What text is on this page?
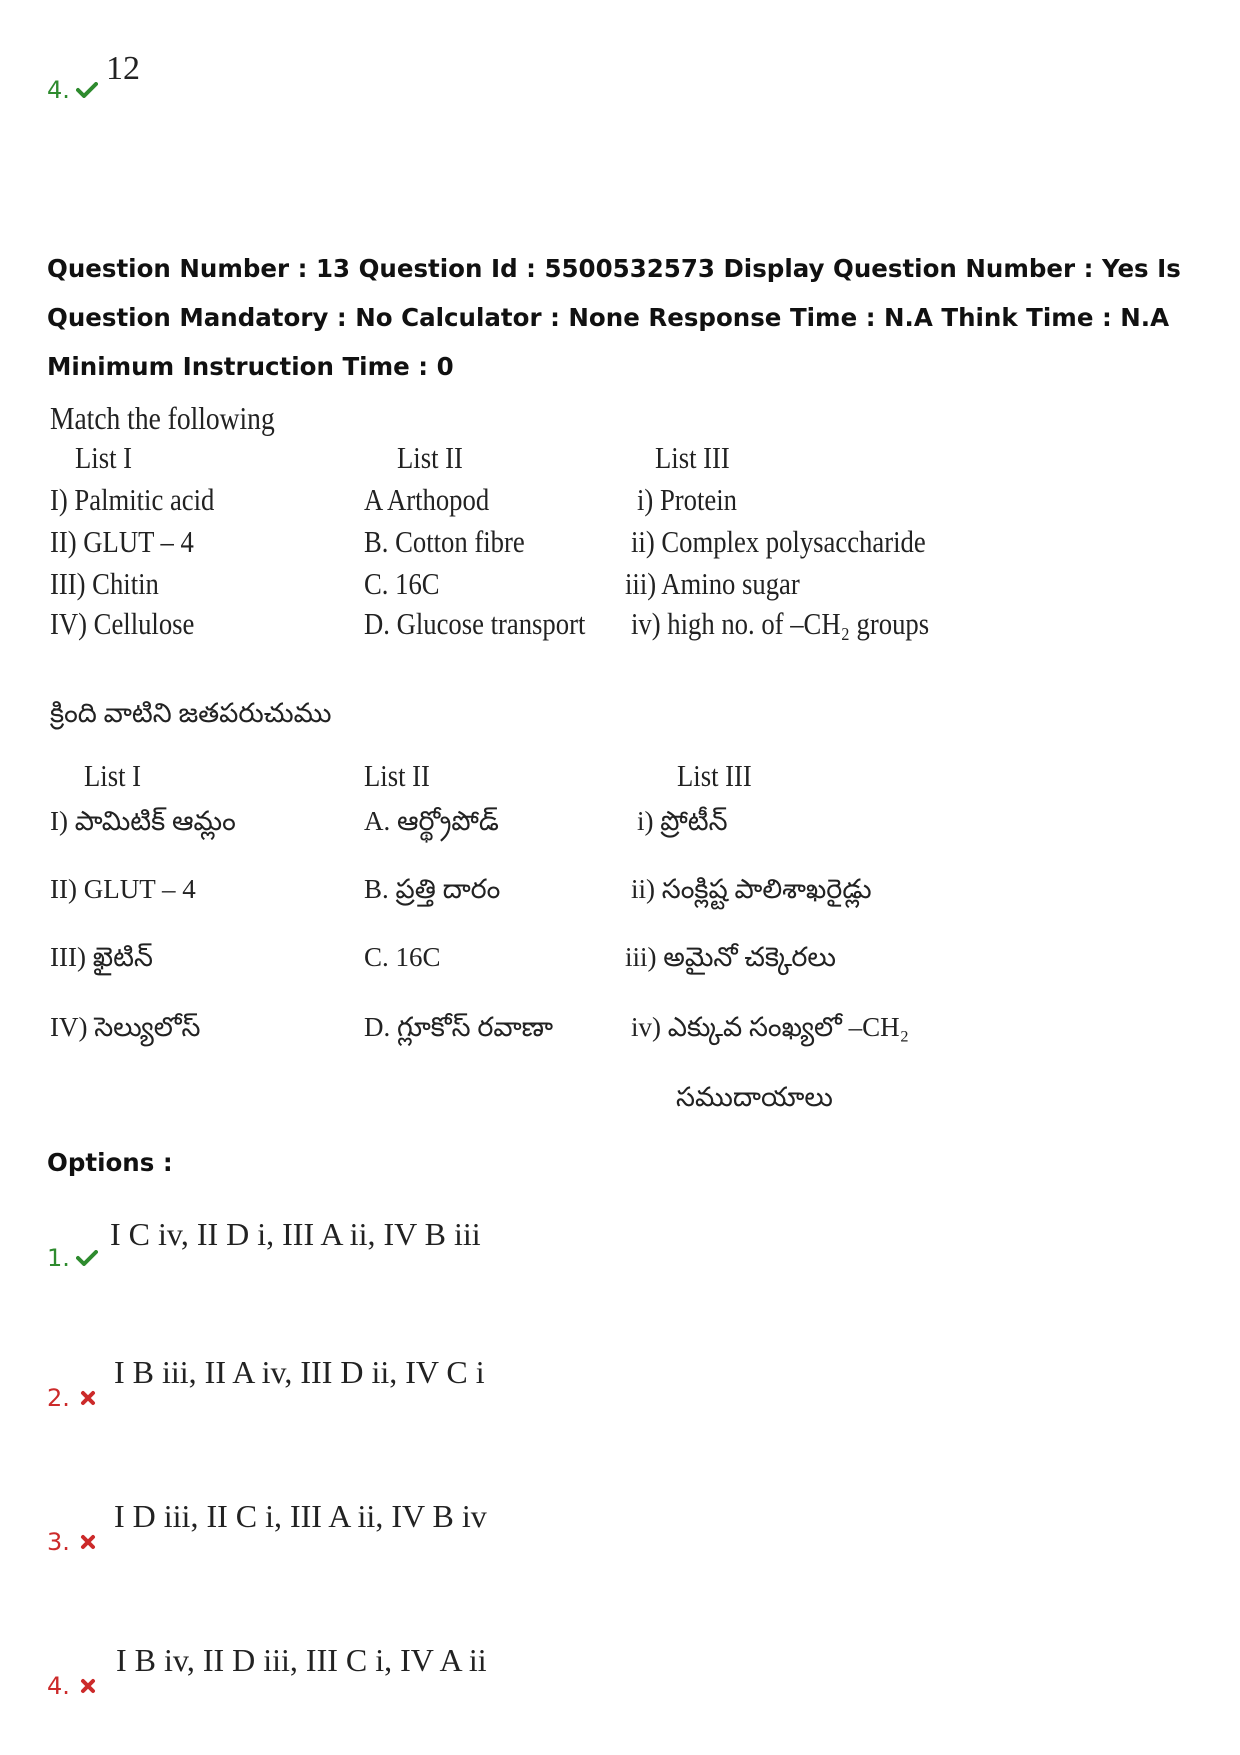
4.
12
Question Number : 13 Question Id : 5500532573 Display Question Number : Yes Is Question Mandatory : No Calculator : None Response Time : N.A Think Time : N.A Minimum Instruction Time : 0
Match the following
List I	List II	List III
I) Palmitic acid	A Arthopod	i) Protein
II) GLUT – 4	B. Cotton fibre	ii) Complex polysaccharide
III) Chitin	C. 16C	iii) Amino sugar
IV) Cellulose	D. Glucose transport iv) high no. of –CH₂ groups
క్రింది వాటిని జతపరుచుము
List I	List II	List III
I) పామిటిక్ ఆమ్లం	A. ఆర్థ్రోపోడ్	i) ప్రోటీన్
II) GLUT – 4	B. ప్రత్తి దారం	ii) సంక్లిష్ట పాలిశాఖరైడ్లు
III) ఖైటిన్	C. 16C	iii) అమైనో చక్కెరలు
IV) సెల్యులోస్	D. గ్లూకోస్ రవాణా	iv) ఎక్కువ సంఖ్యలో –CH₂
సముదాయాలు
Options :
1.
I C iv, II D i, III A ii, IV B iii
2.
I B iii, II A iv, III D ii, IV C i
3.
I D iii, II C i, III A ii, IV B iv
4.
I B iv, II D iii, III C i, IV A ii
